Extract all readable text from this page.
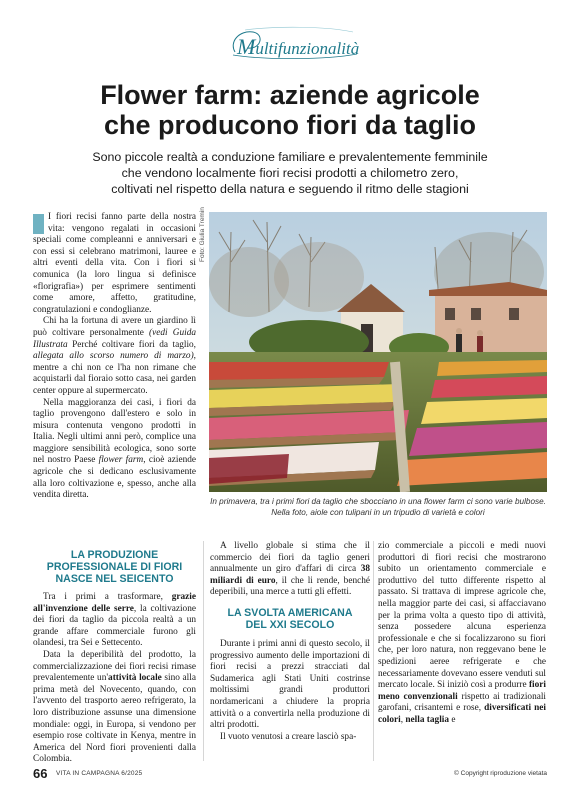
Multifunzionalità
Flower farm: aziende agricole
che producono fiori da taglio
Sono piccole realtà a conduzione familiare e prevalentemente femminile
che vendono localmente fiori recisi prodotti a chilometro zero,
coltivati nel rispetto della natura e seguendo il ritmo delle stagioni

I fiori recisi fanno parte della nostra vita: vengono regalati in occasioni speciali come compleanni e anniversari e con essi si celebrano matrimoni, lauree e altri eventi della vita. Con i fiori si comunica (la loro lingua si definisce «florigrafia») per esprimere sentimenti come amore, affetto, gratitudine, congratulazioni e condoglianze.

Chi ha la fortuna di avere un giardino lì può coltivare personalmente (vedi Guida Illustrata Perché coltivare fiori da taglio, allegata allo scorso numero di marzo), mentre a chi non ce l'ha non rimane che acquistarli dal fioraio sotto casa, nei garden center oppure al supermercato.

Nella maggioranza dei casi, i fiori da taglio provengono dall'estero e solo in misura contenuta vengono prodotti in Italia. Negli ultimi anni però, complice una maggiore sensibilità ecologica, sono sorte nel nostro Paese flower farm, cioè aziende agricole che si dedicano esclusivamente alla loro coltivazione e, spesso, anche alla vendita diretta.

Foto: Giulia Tremin
In primavera, tra i primi fiori da taglio che sbocciano in una flower farm ci sono varie bulbose.
Nella foto, aiole con tulipani in un tripudio di varietà e colori

LA PRODUZIONE
PROFESSIONALE DI FIORI
NASCE NEL SEICENTO

Tra i primi a trasformare, grazie all'invenzione delle serre, la coltivazione dei fiori da taglio da piccola realtà a un grande affare commerciale furono gli olandesi, tra Sei e Settecento.

Data la deperibilità del prodotto, la commercializzazione dei fiori recisi rimase prevalentemente un'attività locale sino alla prima metà del Novecento, quando, con l'avvento del trasporto aereo refrigerato, la loro distribuzione assunse una dimensione mondiale: oggi, in Europa, si vendono per esempio rose coltivate in Kenya, mentre in America del Nord fiori provenienti dalla Colombia.

A livello globale si stima che il commercio dei fiori da taglio generi annualmente un giro d'affari di circa 38 miliardi di euro, il che li rende, benché deperibili, una merce a tutti gli effetti.

LA SVOLTA AMERICANA
DEL XXI SECOLO

Durante i primi anni di questo secolo, il progressivo aumento delle importazioni di fiori recisi a prezzi stracciati dal Sudamerica agli Stati Uniti costrinse moltissimi grandi produttori nordamericani a chiudere la propria attività o a convertirla nella produzione di altri prodotti.

Il vuoto venutosi a creare lasciò spa-

zio commerciale a piccoli e medi nuovi produttori di fiori recisi che mostrarono subito un orientamento commerciale e produttivo del tutto differente rispetto al passato. Si trattava di imprese agricole che, nella maggior parte dei casi, si affacciavano per la prima volta a questo tipo di attività, senza possedere alcuna esperienza professionale e che si focalizzarono su fiori che, per loro natura, non reggevano bene le spedizioni aeree refrigerate e che necessariamente dovevano essere venduti sul mercato locale. Si iniziò così a produrre fiori meno convenzionali rispetto ai tradizionali garofani, crisantemi e rose, diversificati nei colori, nella taglia e

66 VITA IN CAMPAGNA 6/2025	© Copyright riproduzione vietata
